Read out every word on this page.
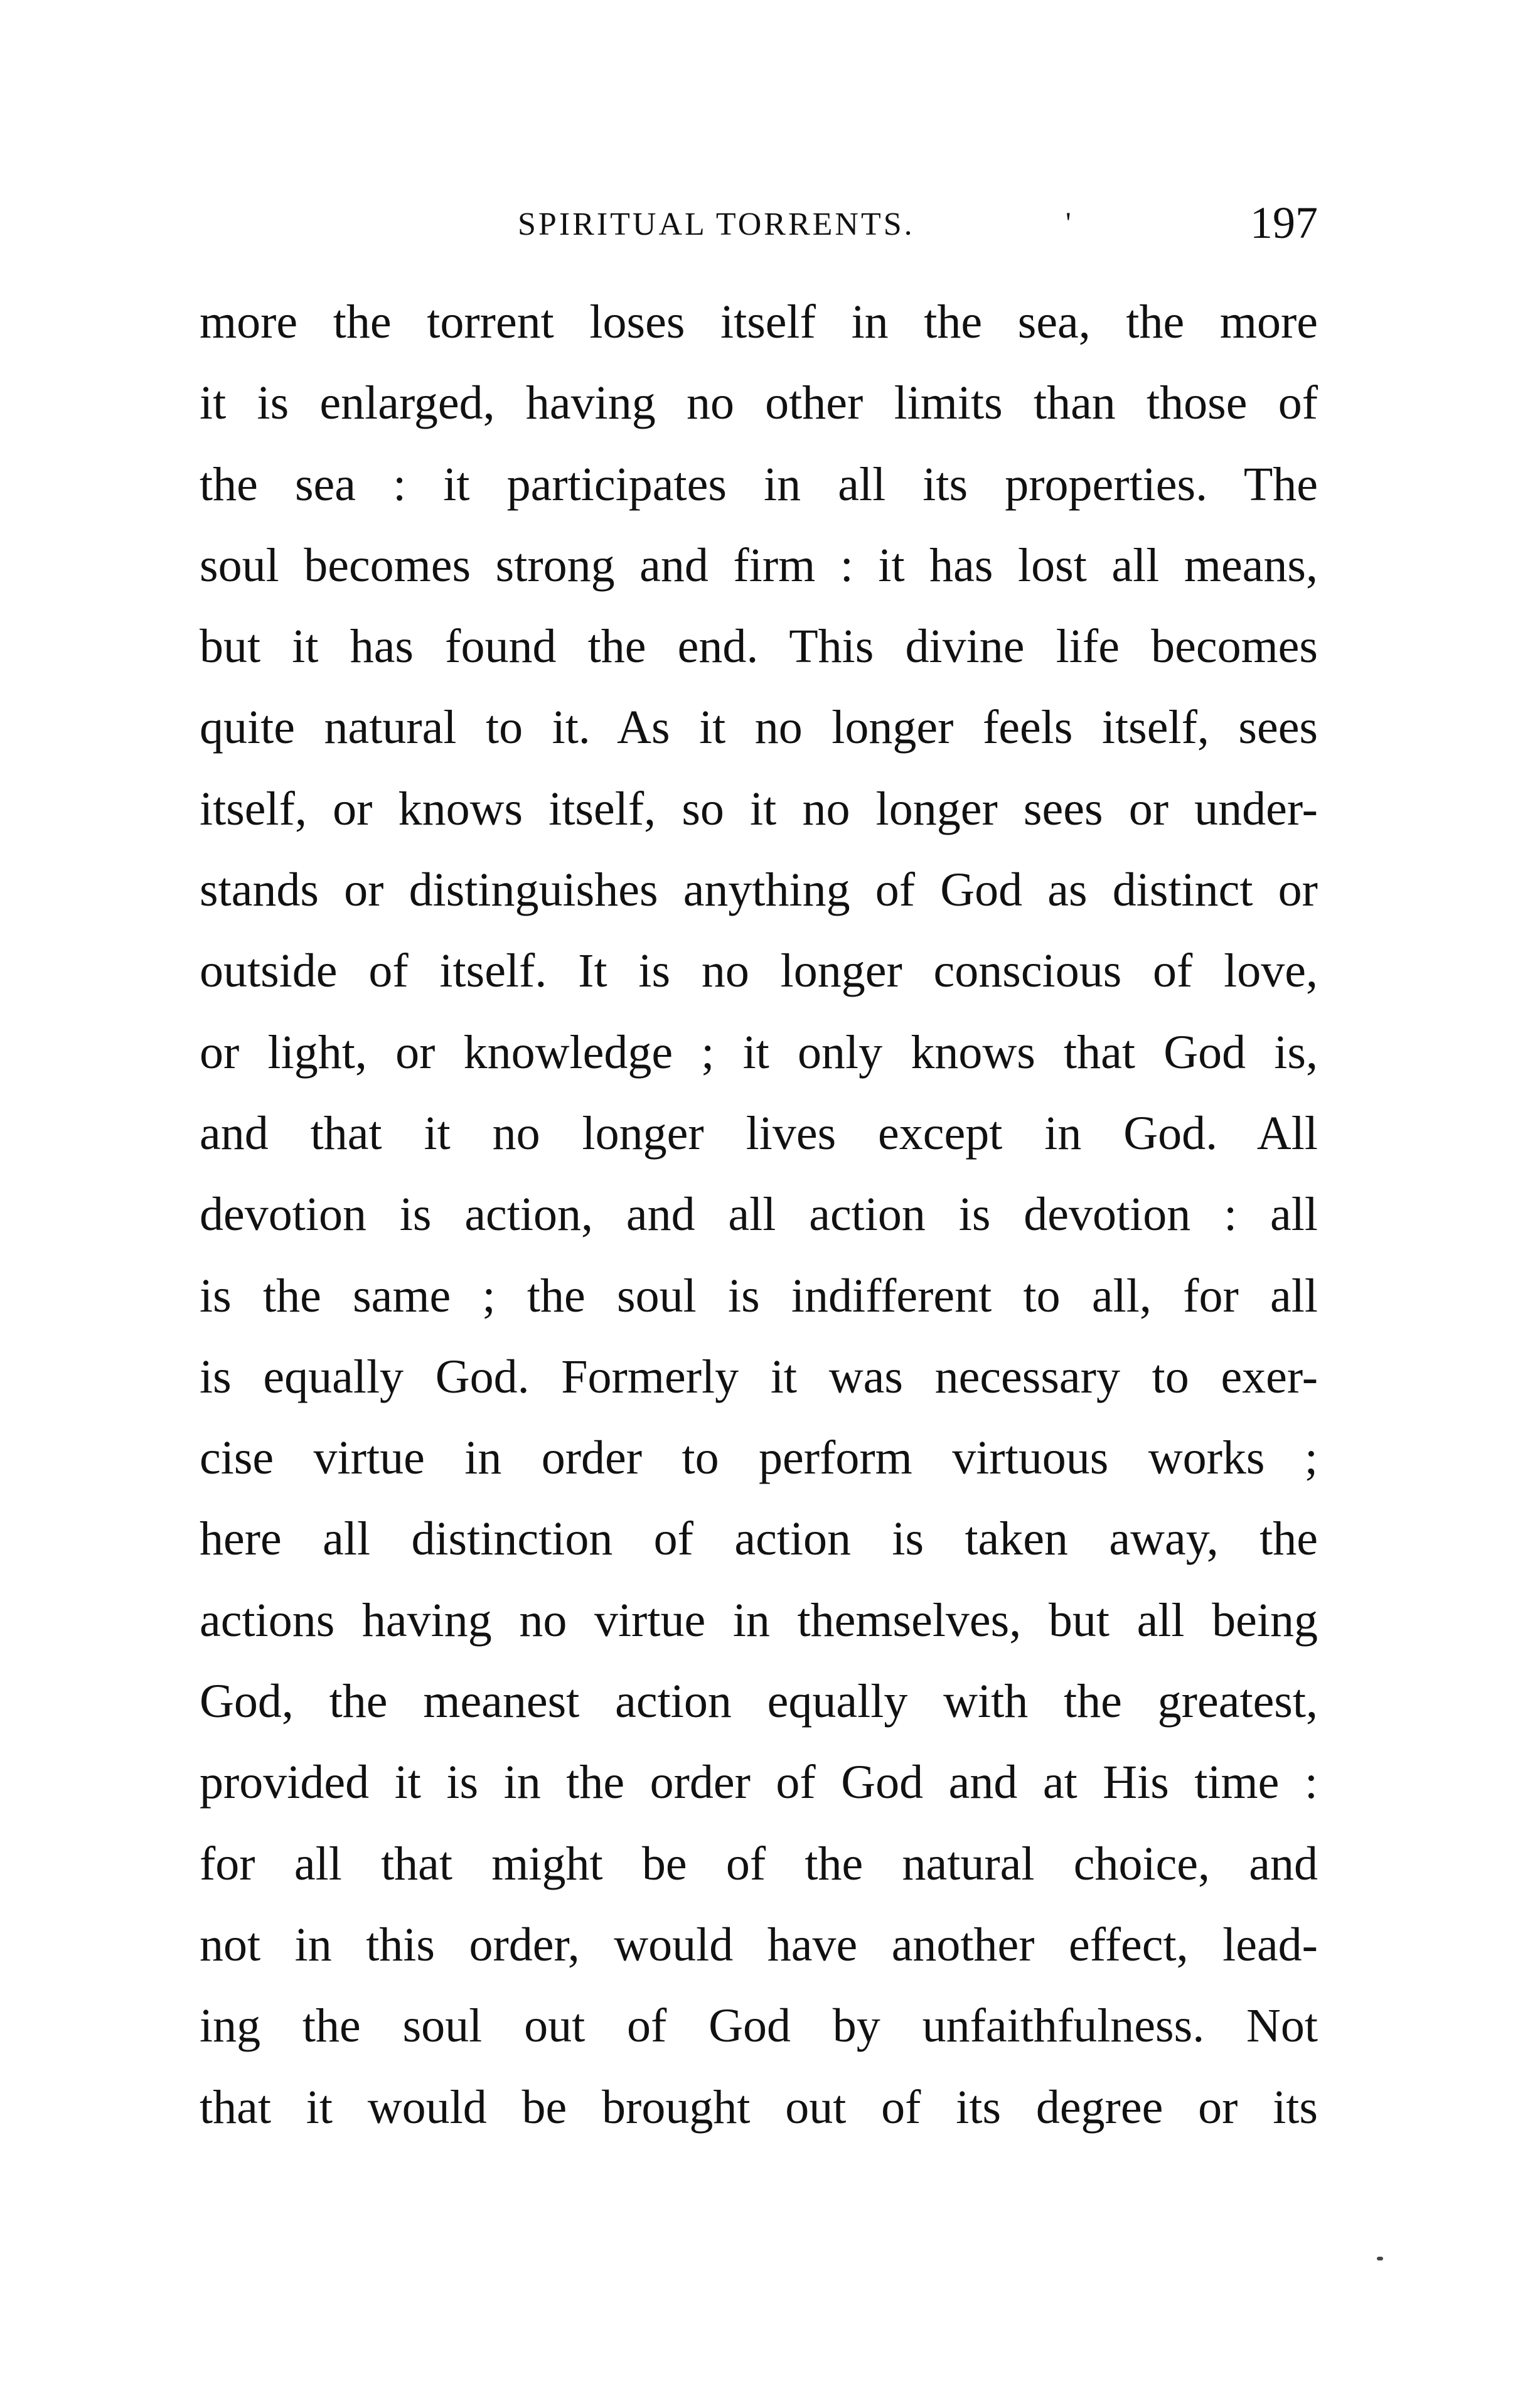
SPIRITUAL TORRENTS.	'	197
more the torrent loses itself in the sea, the more
it is enlarged, having no other limits than those of
the sea : it participates in all its properties. The
soul becomes strong and firm : it has lost all means,
but it has found the end. This divine life becomes
quite natural to it. As it no longer feels itself, sees
itself, or knows itself, so it no longer sees or under-
stands or distinguishes anything of God as distinct or
outside of itself. It is no longer conscious of love,
or light, or knowledge ; it only knows that God is,
and that it no longer lives except in God. All
devotion is action, and all action is devotion : all
is the same ; the soul is indifferent to all, for all
is equally God. Formerly it was necessary to exer-
cise virtue in order to perform virtuous works ;
here all distinction of action is taken away, the
actions having no virtue in themselves, but all being
God, the meanest action equally with the greatest,
provided it is in the order of God and at His time :
for all that might be of the natural choice, and
not in this order, would have another effect, lead-
ing the soul out of God by unfaithfulness. Not
that it would be brought out of its degree or its
